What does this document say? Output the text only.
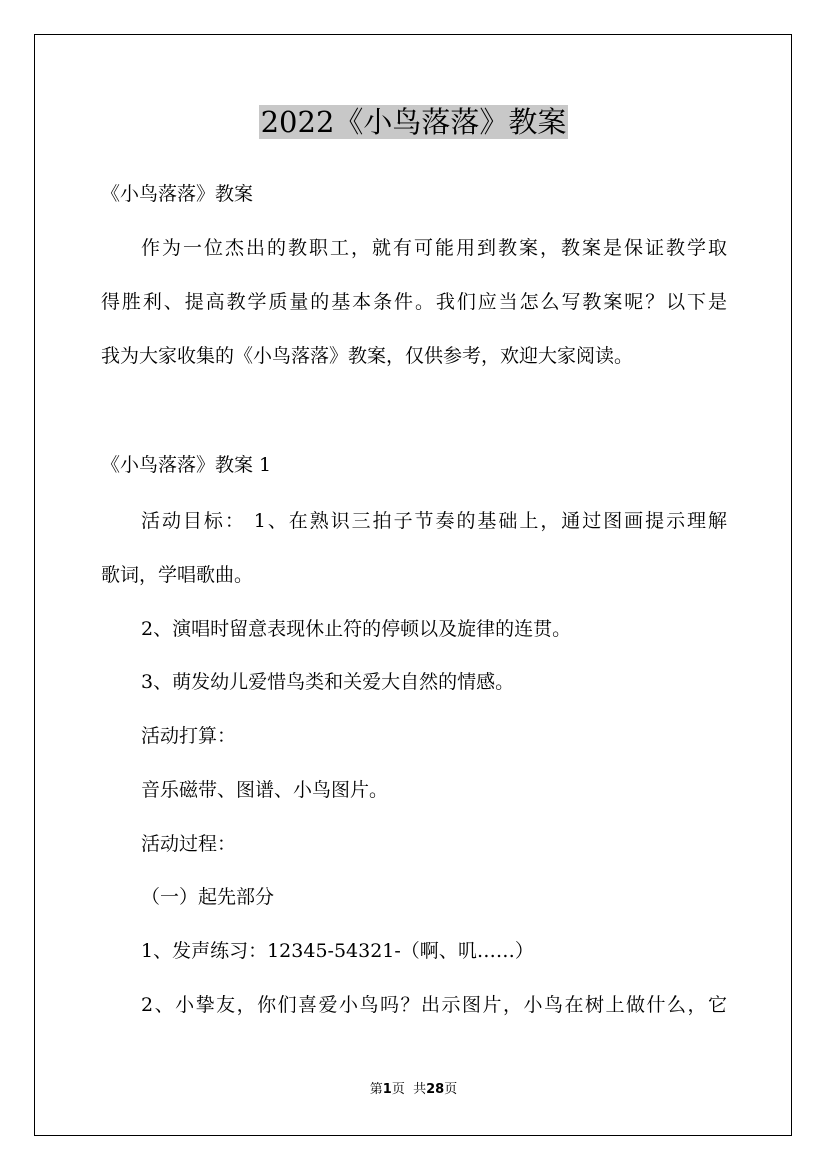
2022《小鸟落落》教案
《小鸟落落》教案
作为一位杰出的教职工，就有可能用到教案，教案是保证教学取
得胜利、提高教学质量的基本条件。我们应当怎么写教案呢？以下是
我为大家收集的《小鸟落落》教案，仅供参考，欢迎大家阅读。
《小鸟落落》教案 1
活动目标： 1、在熟识三拍子节奏的基础上，通过图画提示理解
歌词，学唱歌曲。
2、演唱时留意表现休止符的停顿以及旋律的连贯。
3、萌发幼儿爱惜鸟类和关爱大自然的情感。
活动打算：
音乐磁带、图谱、小鸟图片。
活动过程：
（一）起先部分
1、发声练习：12345-54321-（啊、叽……）
2、小挚友，你们喜爱小鸟吗？出示图片，小鸟在树上做什么，它
第1页 共28页
